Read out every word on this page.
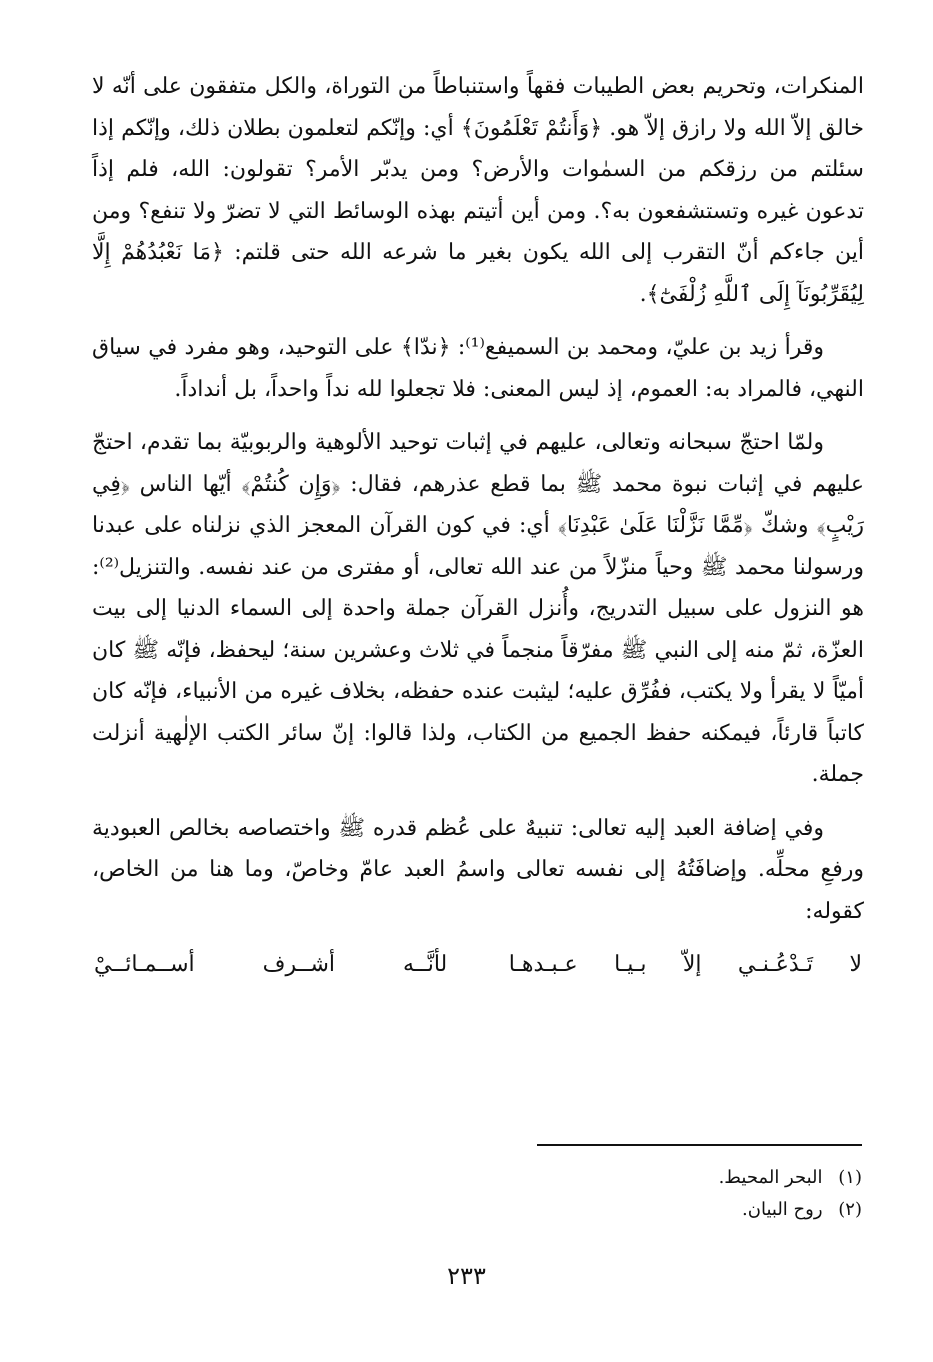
المنكرات، وتحريم بعض الطيبات فقهاً واستنباطاً من التوراة، والكل متفقون على أنّه لا خالق إلاّ الله ولا رازق إلاّ هو. ﴿وَأَنتُمْ تَعْلَمُونَ﴾ أي: وإنّكم لتعلمون بطلان ذلك، وإنّكم إذا سئلتم من رزقكم من السمٰوات والأرض؟ ومن يدبّر الأمر؟ تقولون: الله، فلم إذاً تدعون غيره وتستشفعون به؟. ومن أين أتيتم بهذه الوسائط التي لا تضرّ ولا تنفع؟ ومن أين جاءكم أنّ التقرب إلى الله يكون بغير ما شرعه الله حتى قلتم: ﴿مَا نَعْبُدُهُمْ إِلَّا لِيُقَرِّبُونَآ إِلَى ٱللَّهِ زُلْفَىٰٓ﴾.

وقرأ زيد بن عليّ، ومحمد بن السميفع⁽¹⁾: ﴿ندّا﴾ على التوحيد، وهو مفرد في سياق النهي، فالمراد به: العموم، إذ ليس المعنى: فلا تجعلوا لله نداً واحداً، بل أنداداً.

ولمّا احتجّ سبحانه وتعالى، عليهم في إثبات توحيد الألوهية والربوبيّة بما تقدم، احتجّ عليهم في إثبات نبوة محمد ﷺ بما قطع عذرهم، فقال: ﴿وَإِن كُنتُمْ﴾ أيّها الناس ﴿فِي رَيْبٍ﴾ وشكّ ﴿مِّمَّا نَزَّلْنَا عَلَىٰ عَبْدِنَا﴾ أي: في كون القرآن المعجز الذي نزلناه على عبدنا ورسولنا محمد ﷺ وحياً منزّلاً من عند الله تعالى، أو مفترى من عند نفسه. والتنزيل⁽²⁾: هو النزول على سبيل التدريج، وأُنزل القرآن جملة واحدة إلى السماء الدنيا إلى بيت العزّة، ثمّ منه إلى النبي ﷺ مفرّقاً منجماً في ثلاث وعشرين سنة؛ ليحفظ، فإنّه ﷺ كان أميّاً لا يقرأ ولا يكتب، ففُرِّق عليه؛ ليثبت عنده حفظه، بخلاف غيره من الأنبياء، فإنّه كان كاتباً قارئاً، فيمكنه حفظ الجميع من الكتاب، ولذا قالوا: إنّ سائر الكتب الإلٰهية أنزلت جملة.

وفي إضافة العبد إليه تعالى: تنبيهٌ على عُظم قدره ﷺ واختصاصه بخالص العبودية ورفعِ محلِّه. وإضافَتُهُ إلى نفسه تعالى واسمُ العبد عامّ وخاصّ، وما هنا من الخاص، كقوله:

لا تَـدْعُـنـي إلاّ بـيـا عـبـدهـا
لأنَّــه أشــرف أســمـائــيْ
(١) البحر المحيط.
(٢) روح البيان.
٢٣٣
